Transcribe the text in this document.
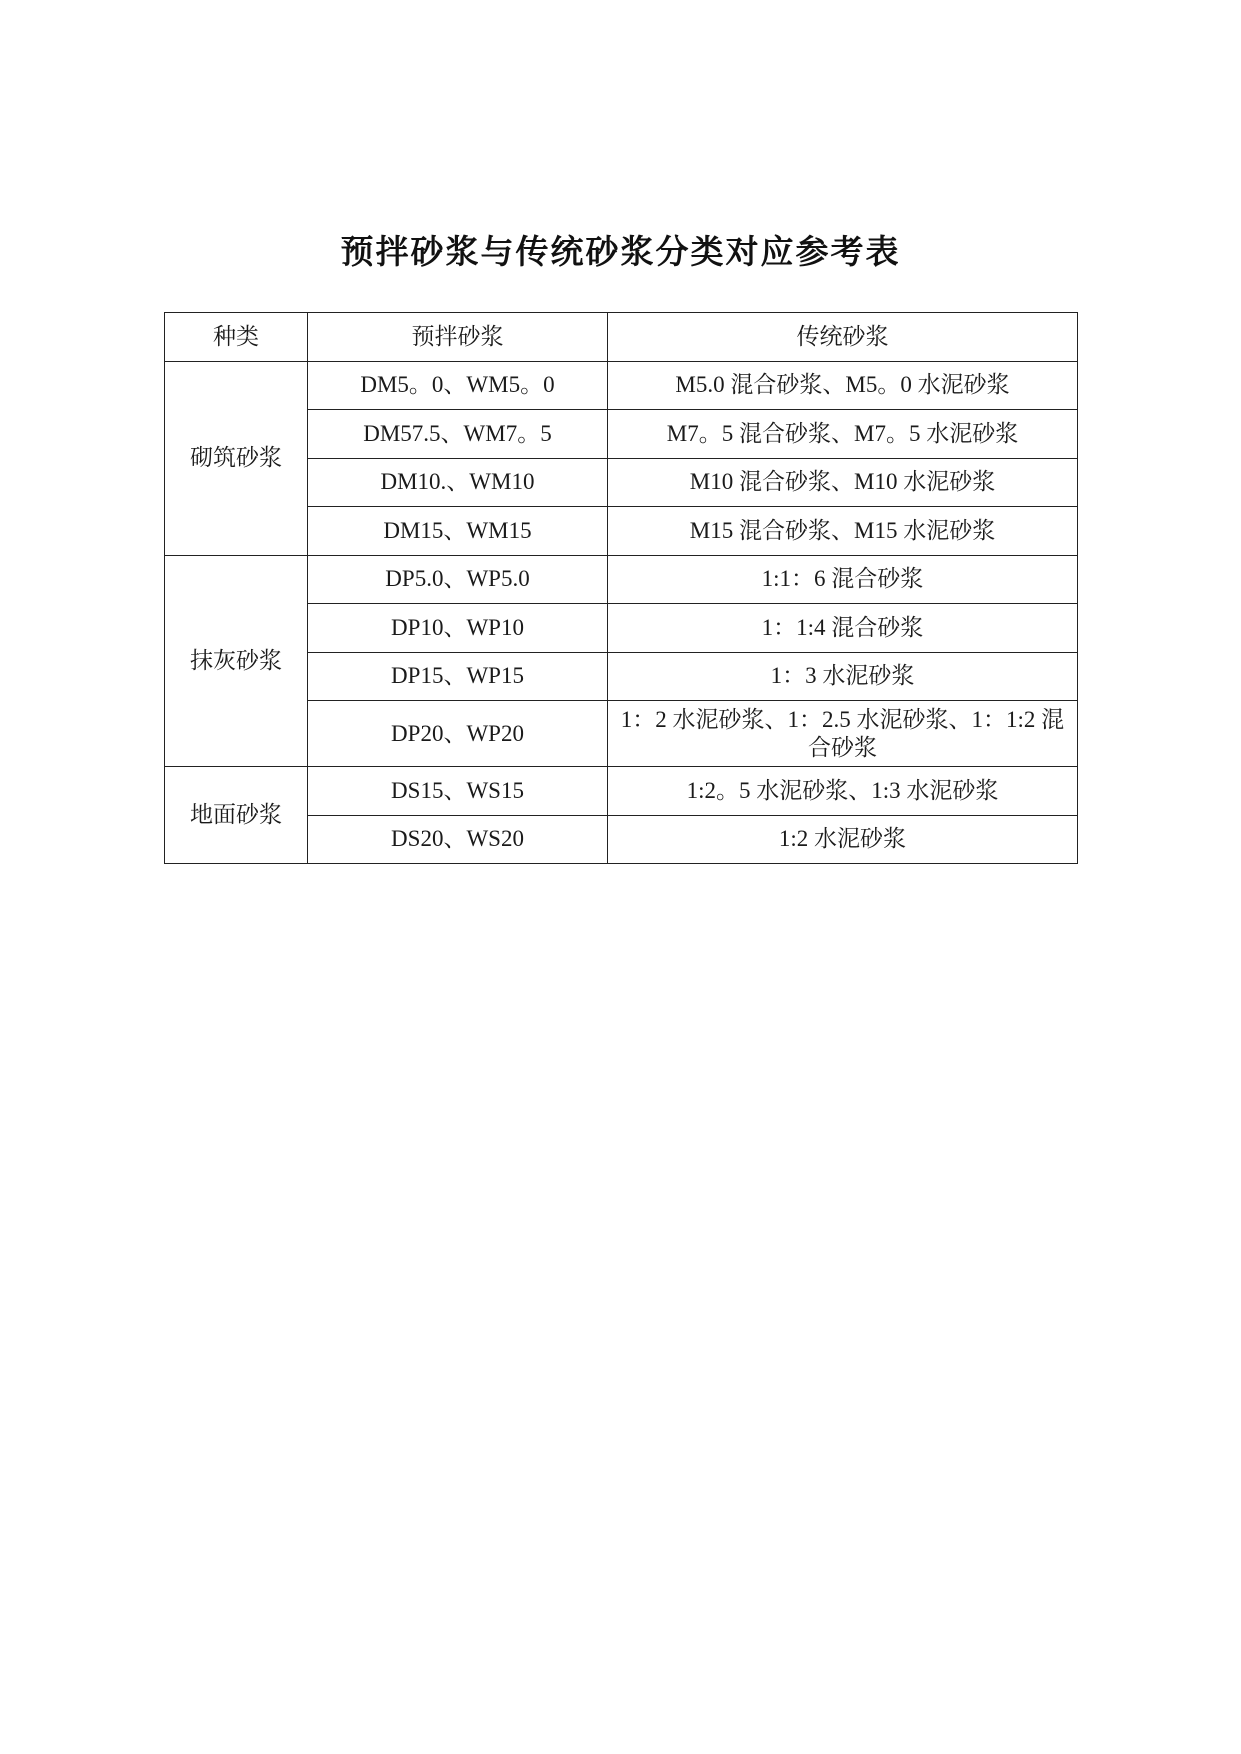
预拌砂浆与传统砂浆分类对应参考表
种类	预拌砂浆	传统砂浆
砌筑砂浆	DM5。0、WM5。0	M5.0 混合砂浆、M5。0 水泥砂浆
	DM57.5、WM7。5	M7。5 混合砂浆、M7。5 水泥砂浆
	DM10.、WM10	M10 混合砂浆、M10 水泥砂浆
	DM15、WM15	M15 混合砂浆、M15 水泥砂浆
抹灰砂浆	DP5.0、WP5.0	1:1：6 混合砂浆
	DP10、WP10	1：1:4 混合砂浆
	DP15、WP15	1：3 水泥砂浆
	DP20、WP20	1：2 水泥砂浆、1：2.5 水泥砂浆、1：1:2 混合砂浆
地面砂浆	DS15、WS15	1:2。5 水泥砂浆、1:3 水泥砂浆
	DS20、WS20	1:2 水泥砂浆
